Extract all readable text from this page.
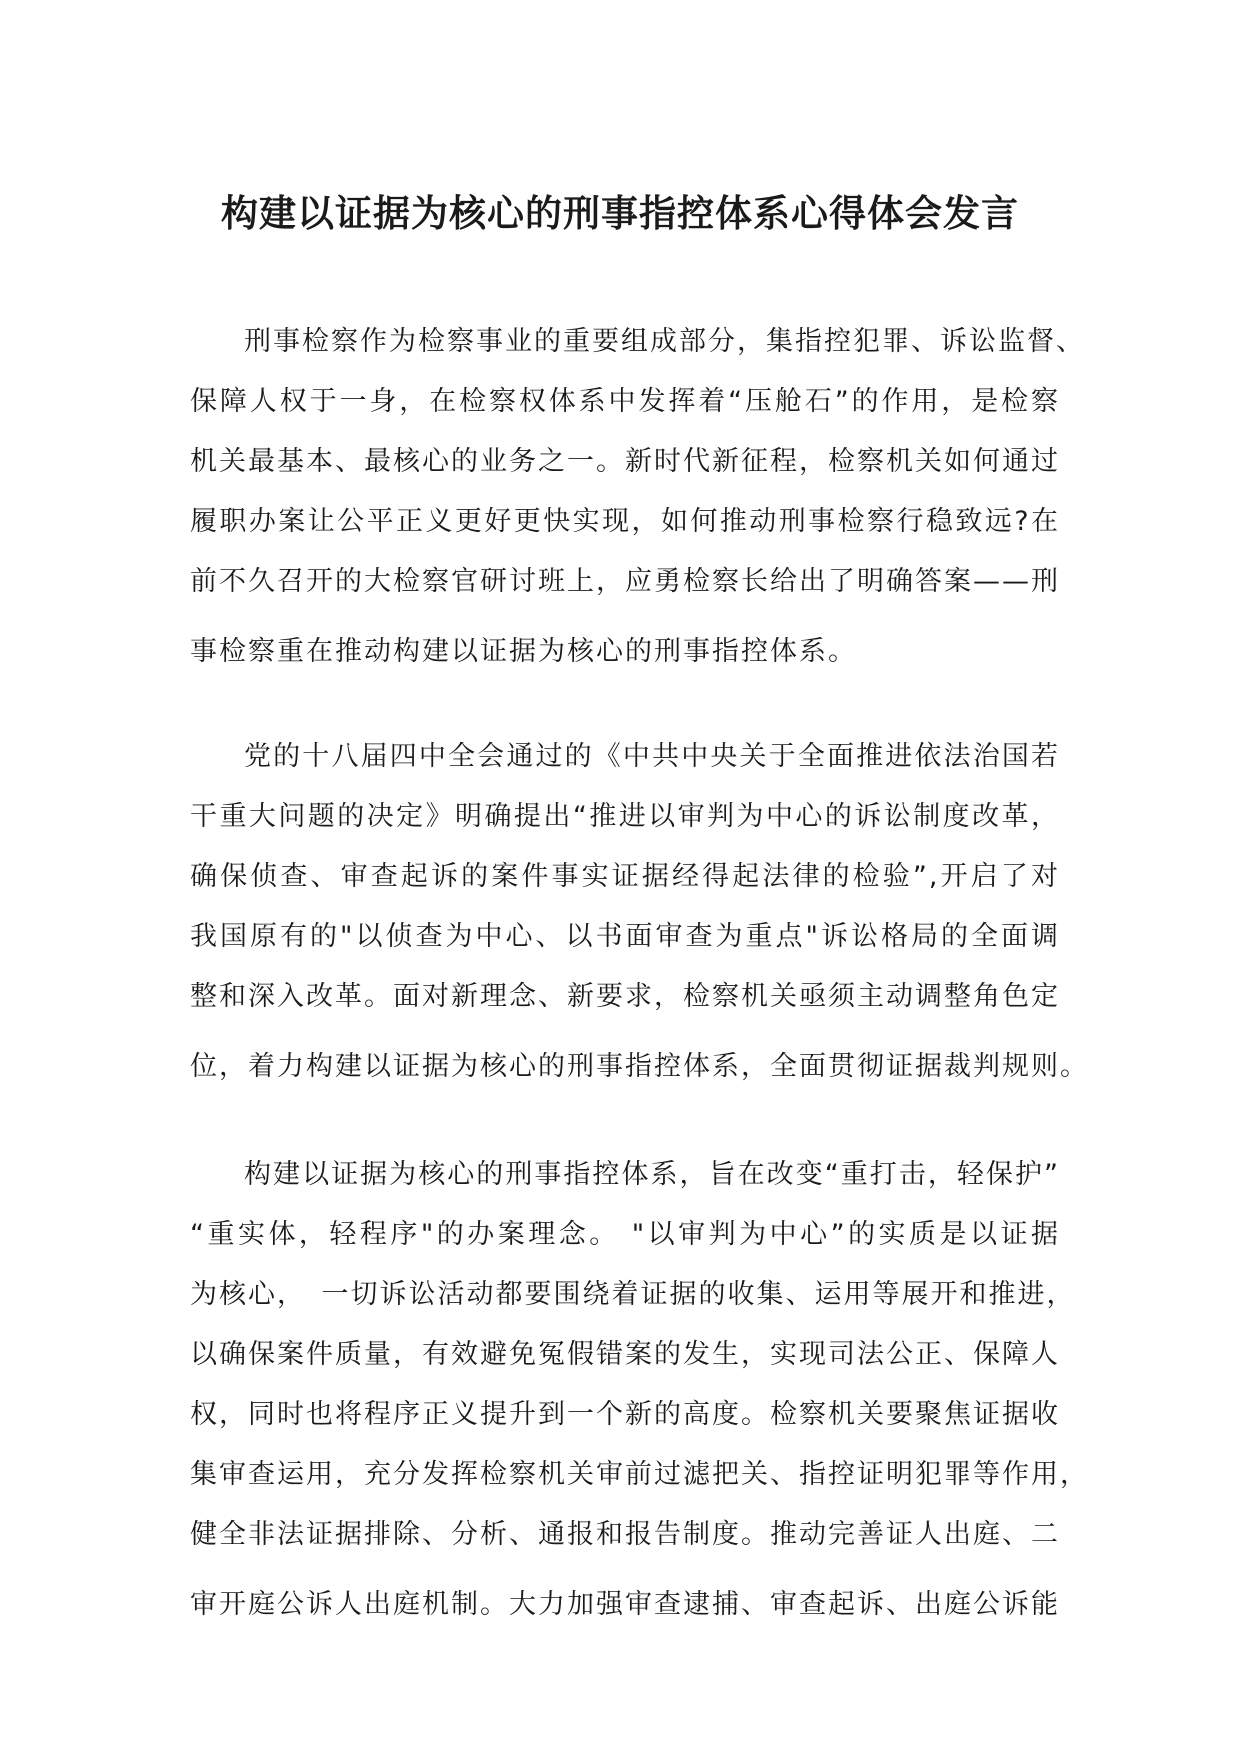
构建以证据为核心的刑事指控体系心得体会发言
刑事检察作为检察事业的重要组成部分，集指控犯罪、诉讼监督、
保障人权于一身，在检察权体系中发挥着“压舱石”的作用，是检察
机关最基本、最核心的业务之一。新时代新征程，检察机关如何通过
履职办案让公平正义更好更快实现，如何推动刑事检察行稳致远?在
前不久召开的大检察官研讨班上，应勇检察长给出了明确答案——刑
事检察重在推动构建以证据为核心的刑事指控体系。
党的十八届四中全会通过的《中共中央关于全面推进依法治国若
干重大问题的决定》明确提出“推进以审判为中心的诉讼制度改革，
确保侦查、审查起诉的案件事实证据经得起法律的检验”,开启了对
我国原有的"以侦查为中心、以书面审查为重点"诉讼格局的全面调
整和深入改革。面对新理念、新要求，检察机关亟须主动调整角色定
位，着力构建以证据为核心的刑事指控体系，全面贯彻证据裁判规则。
构建以证据为核心的刑事指控体系，旨在改变“重打击，轻保护”
“重实体，轻程序"的办案理念。 "以审判为中心”的实质是以证据
为核心，　一切诉讼活动都要围绕着证据的收集、运用等展开和推进，
以确保案件质量，有效避免冤假错案的发生，实现司法公正、保障人
权，同时也将程序正义提升到一个新的高度。检察机关要聚焦证据收
集审查运用，充分发挥检察机关审前过滤把关、指控证明犯罪等作用，
健全非法证据排除、分析、通报和报告制度。推动完善证人出庭、二
审开庭公诉人出庭机制。大力加强审查逮捕、审查起诉、出庭公诉能
